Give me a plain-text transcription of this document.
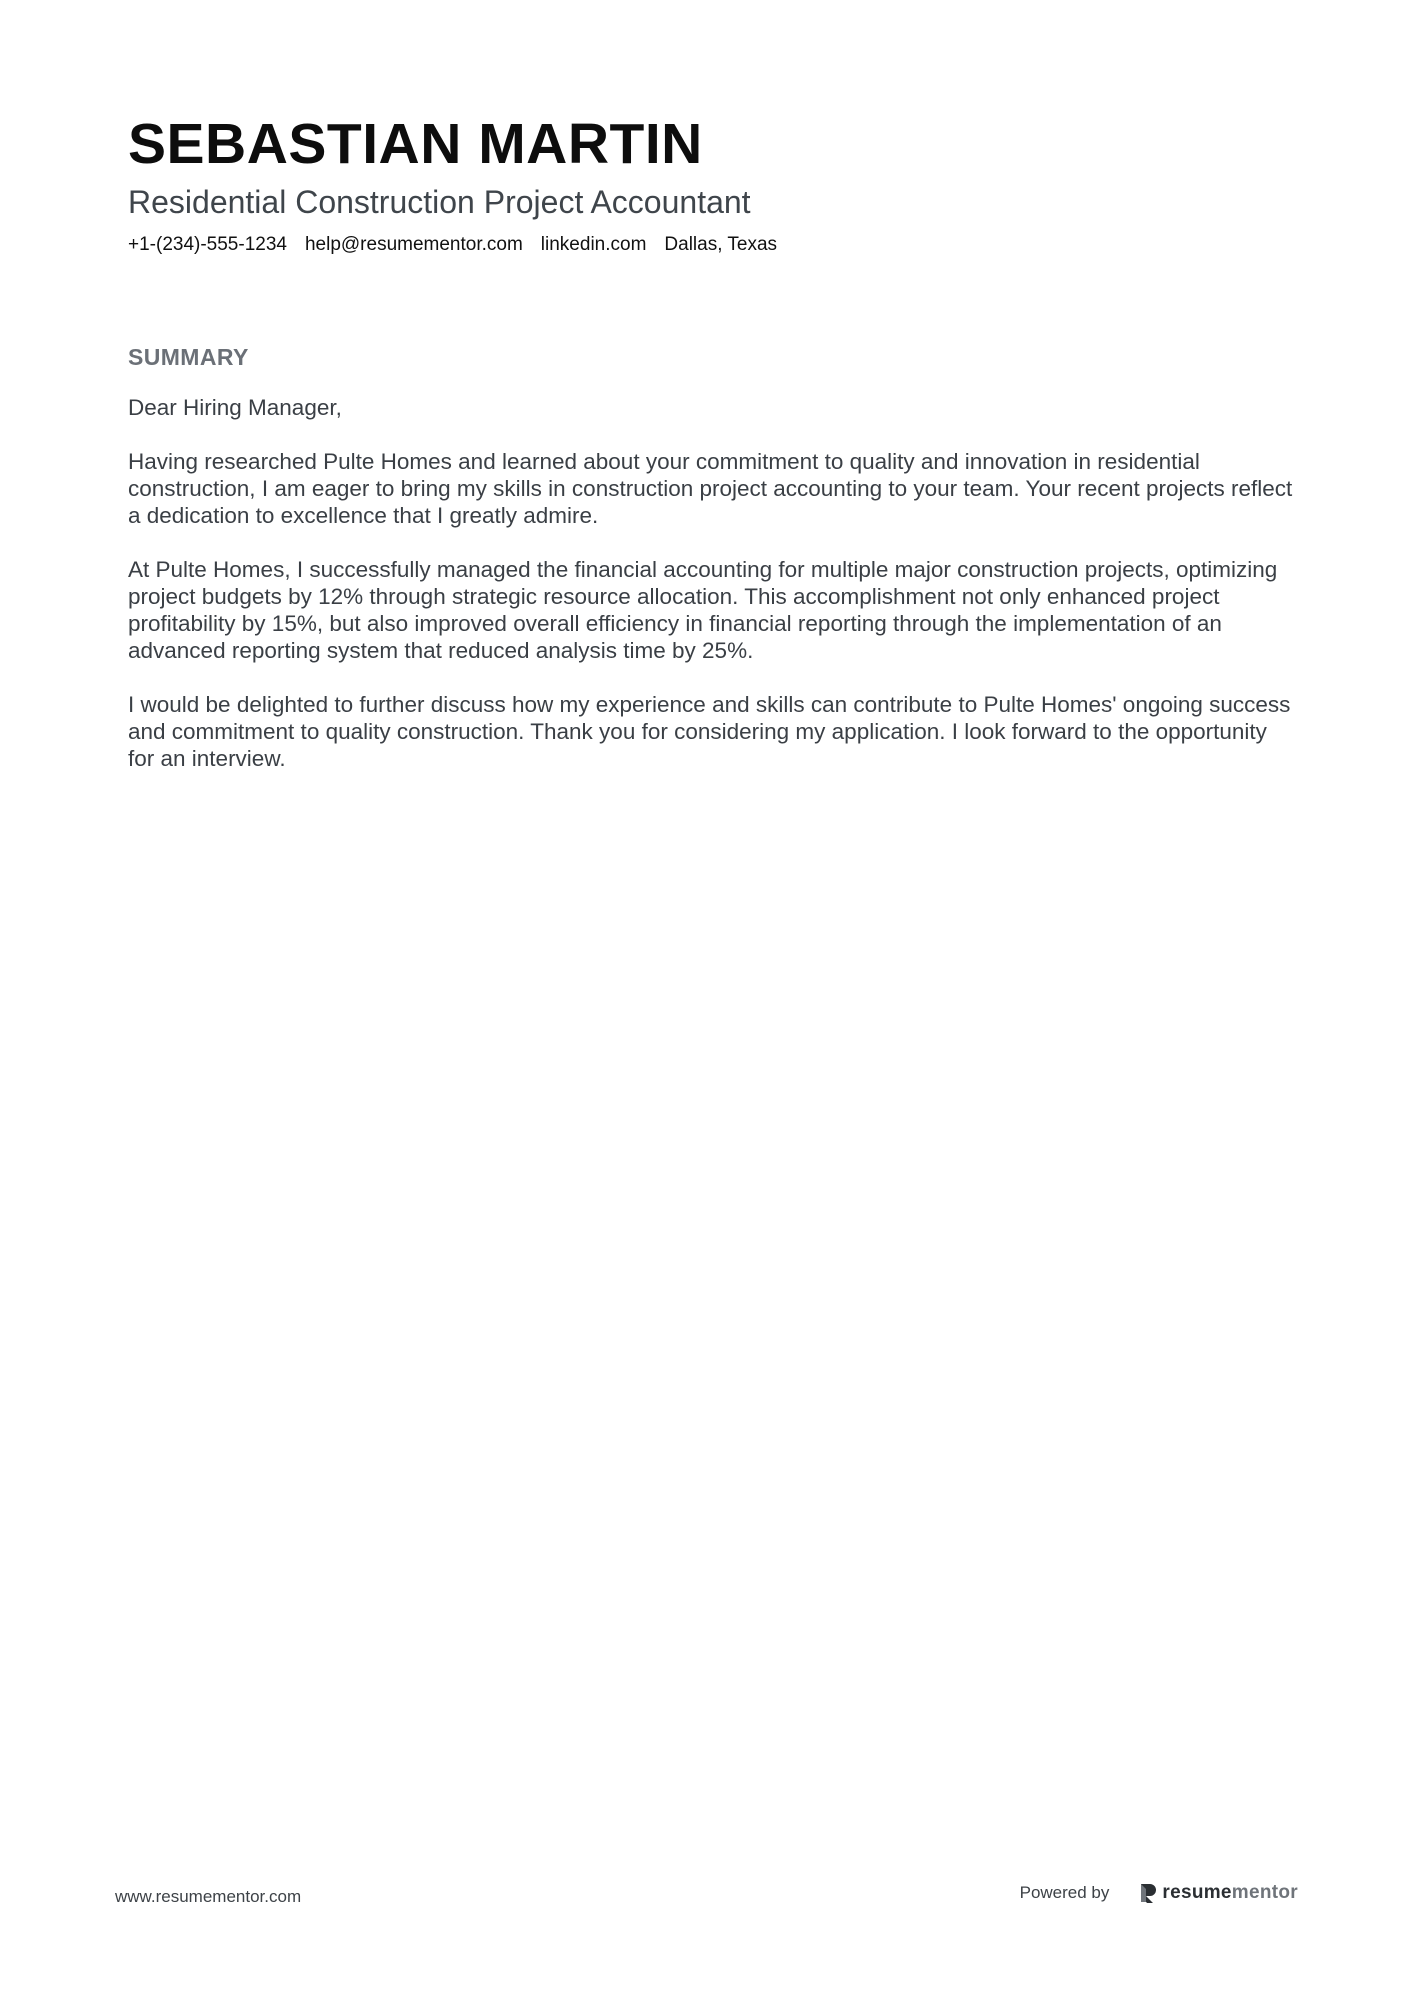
SEBASTIAN MARTIN
Residential Construction Project Accountant
+1-(234)-555-1234 help@resumementor.com linkedin.com Dallas, Texas
SUMMARY

Dear Hiring Manager,

Having researched Pulte Homes and learned about your commitment to quality and innovation in residential construction, I am eager to bring my skills in construction project accounting to your team. Your recent projects reflect a dedication to excellence that I greatly admire.

At Pulte Homes, I successfully managed the financial accounting for multiple major construction projects, optimizing project budgets by 12% through strategic resource allocation. This accomplishment not only enhanced project profitability by 15%, but also improved overall efficiency in financial reporting through the implementation of an advanced reporting system that reduced analysis time by 25%.

I would be delighted to further discuss how my experience and skills can contribute to Pulte Homes' ongoing success and commitment to quality construction. Thank you for considering my application. I look forward to the opportunity for an interview.

www.resumementor.com	Powered by	resumementor
